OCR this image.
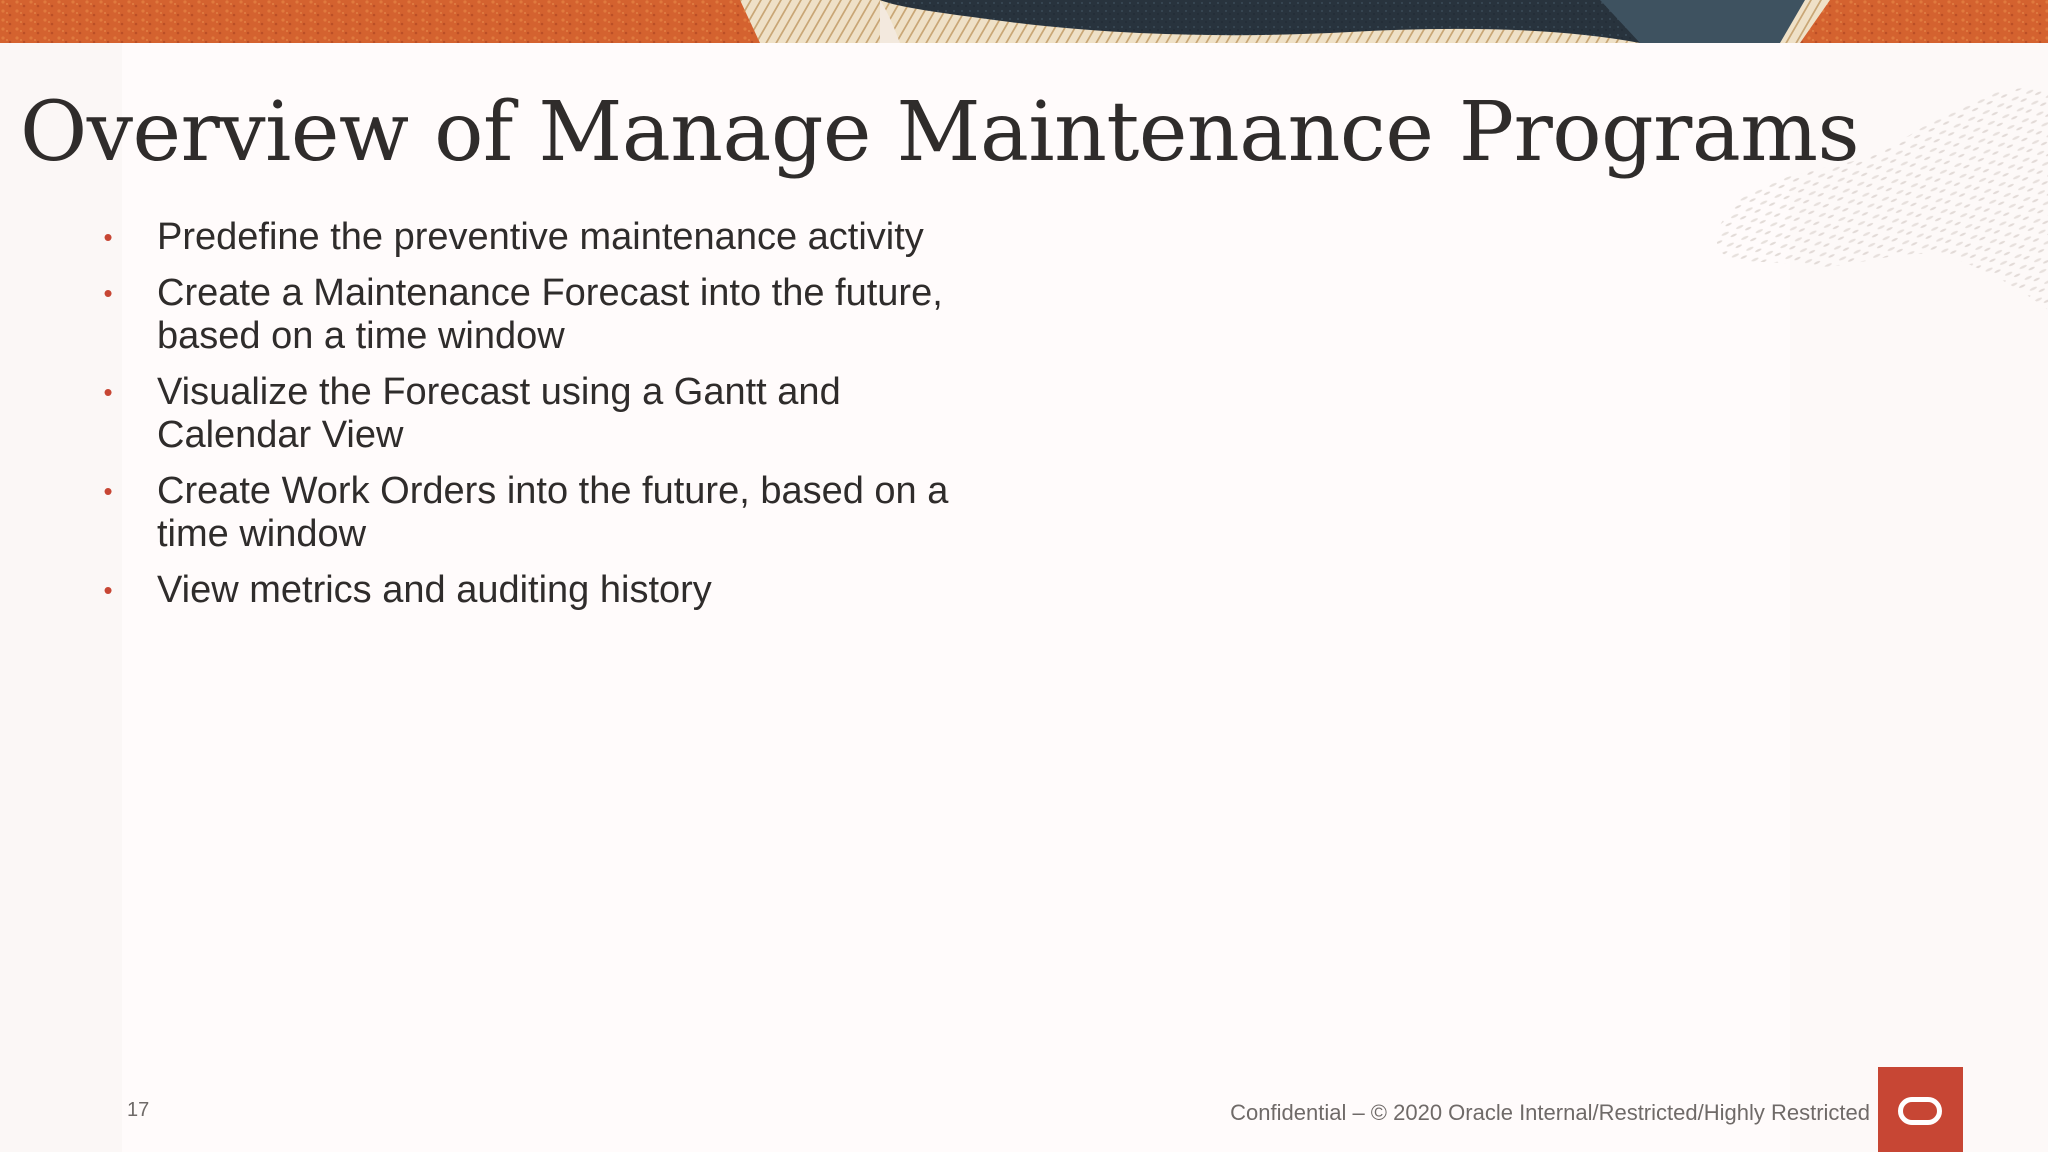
Overview of Manage Maintenance Programs
• Predefine the preventive maintenance activity
• Create a Maintenance Forecast into the future, based on a time window
• Visualize the Forecast using a Gantt and Calendar View
• Create Work Orders into the future, based on a time window
• View metrics and auditing history
17	Confidential – © 2020 Oracle Internal/Restricted/Highly Restricted
